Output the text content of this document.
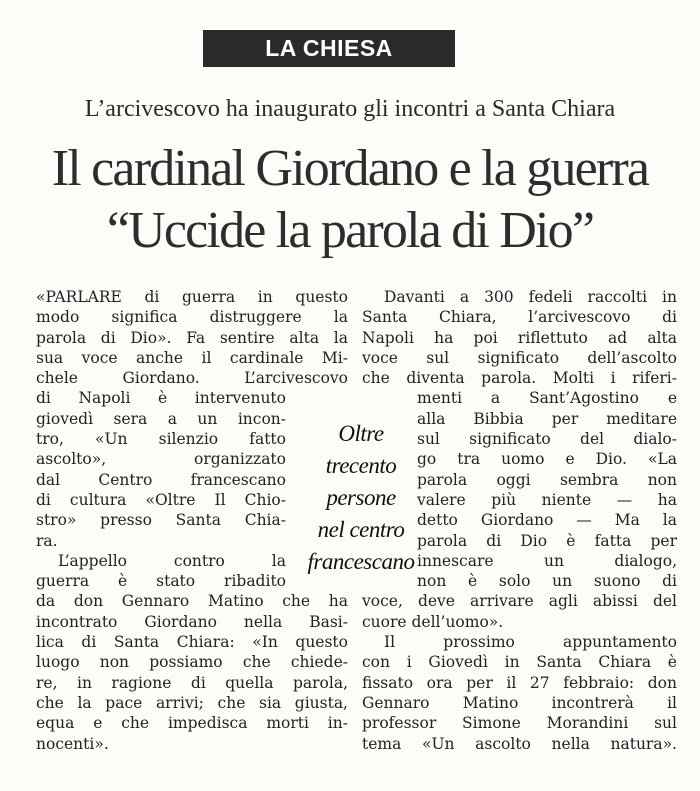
LA CHIESA
L’arcivescovo ha inaugurato gli incontri a Santa Chiara
Il cardinal Giordano e la guerra
“Uccide la parola di Dio”

«PARLARE di guerra in questo

modo significa distruggere la

parola di Dio». Fa sentire alta la

sua voce anche il cardinale Mi-

chele Giordano. L’arcivescovo

di Napoli è intervenuto

giovedì sera a un incon-

tro, «Un silenzio fatto

ascolto», organizzato

dal Centro francescano

di cultura «Oltre Il Chio-

stro» presso Santa Chia-

ra.

L’appello contro la

guerra è stato ribadito

da don Gennaro Matino che ha

incontrato Giordano nella Basi-

lica di Santa Chiara: «In questo

luogo non possiamo che chiede-

re, in ragione di quella parola,

che la pace arrivi; che sia giusta,

equa e che impedisca morti in-

nocenti».

Oltre
trecento
persone
nel centro
francescano

Davanti a 300 fedeli raccolti in

Santa Chiara, l’arcivescovo di

Napoli ha poi riflettuto ad alta

voce sul significato dell’ascolto

che diventa parola. Molti i riferi-

menti a Sant’Agostino e

alla Bibbia per meditare

sul significato del dialo-

go tra uomo e Dio. «La

parola oggi sembra non

valere più niente — ha

detto Giordano — Ma la

parola di Dio è fatta per

innescare un dialogo,

non è solo un suono di

voce, deve arrivare agli abissi del

cuore dell’uomo».

Il prossimo appuntamento

con i Giovedì in Santa Chiara è

fissato ora per il 27 febbraio: don

Gennaro Matino incontrerà il

professor Simone Morandini sul

tema «Un ascolto nella natura».
